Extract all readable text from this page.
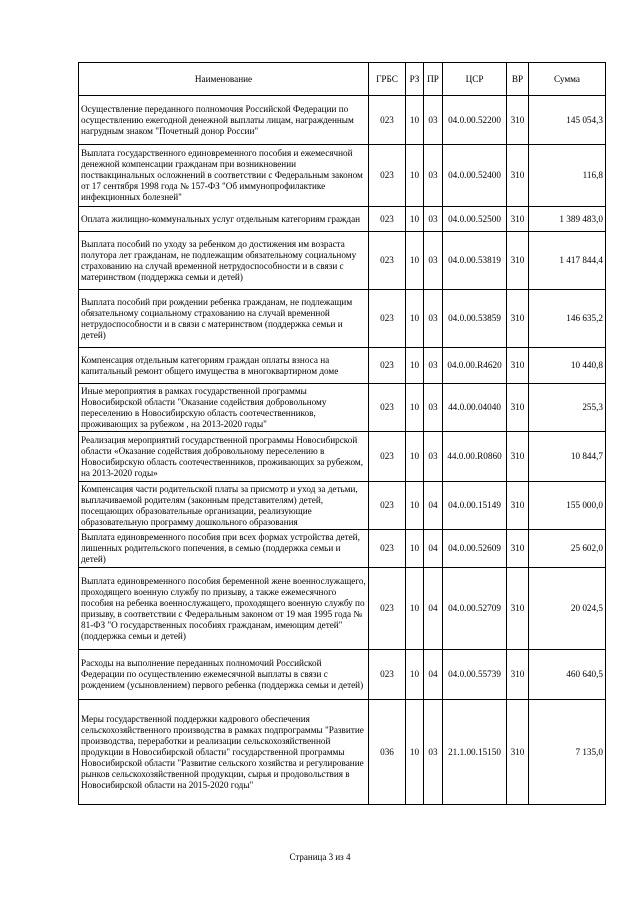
Наименование	ГРБС	РЗ	ПР	ЦСР	ВР	Сумма
Осуществление переданного полномочия Российской Федерации по осуществлению ежегодной денежной выплаты лицам, награжденным нагрудным знаком "Почетный донор России"	023	10	03	04.0.00.52200	310	145 054,3
Выплата государственного единовременного пособия и ежемесячной денежной компенсации гражданам при возникновении поствакцинальных осложнений в соответствии с Федеральным законом от 17 сентября 1998 года № 157-ФЗ "Об иммунопрофилактике инфекционных болезней"	023	10	03	04.0.00.52400	310	116,8
Оплата жилищно-коммунальных услуг отдельным категориям граждан	023	10	03	04.0.00.52500	310	1 389 483,0
Выплата пособий по уходу за ребенком до достижения им возраста полутора лет гражданам, не подлежащим обязательному социальному страхованию на случай временной нетрудоспособности и в связи с материнством (поддержка семьи и детей)	023	10	03	04.0.00.53819	310	1 417 844,4
Выплата пособий при рождении ребенка гражданам, не подлежащим обязательному социальному страхованию на случай временной нетрудоспособности и в связи с материнством (поддержка семьи и детей)	023	10	03	04.0.00.53859	310	146 635,2
Компенсация отдельным категориям граждан оплаты взноса на капитальный ремонт общего имущества в многоквартирном доме	023	10	03	04.0.00.R4620	310	10 440,8
Иные мероприятия в рамках государственной программы Новосибирской области "Оказание содействия добровольному переселению в Новосибирскую область соотечественников, проживающих за рубежом , на 2013-2020 годы"	023	10	03	44.0.00.04040	310	255,3
Реализация мероприятий государственной программы Новосибирской области «Оказание содействия добровольному переселению в Новосибирскую область соотечественников, проживающих за рубежом, на 2013-2020 годы»	023	10	03	44.0.00.R0860	310	10 844,7
Компенсация части родительской платы за присмотр и уход за детьми, выплачиваемой родителям (законным представителям) детей, посещающих образовательные организации, реализующие образовательную программу дошкольного образования	023	10	04	04.0.00.15149	310	155 000,0
Выплата единовременного пособия при всех формах устройства детей, лишенных родительского попечения, в семью (поддержка семьи и детей)	023	10	04	04.0.00.52609	310	25 602,0
Выплата единовременного пособия беременной жене военнослужащего, проходящего военную службу по призыву, а также ежемесячного пособия на ребенка военнослужащего, проходящего военную службу по призыву, в соответствии с Федеральным законом от 19 мая 1995 года № 81-ФЗ "О государственных пособиях гражданам, имеющим детей" (поддержка семьи и детей)	023	10	04	04.0.00.52709	310	20 024,5
Расходы на выполнение переданных полномочий Российской Федерации по осуществлению ежемесячной выплаты в связи с рождением (усыновлением) первого ребенка (поддержка семьи и детей)	023	10	04	04.0.00.55739	310	460 640,5
Меры государственной поддержки кадрового обеспечения сельскохозяйственного производства в рамках подпрограммы "Развитие производства, переработки и реализации сельскохозяйственной продукции в Новосибирской области" государственной программы Новосибирской области "Развитие сельского хозяйства и регулирование рынков сельскохозяйственной продукции, сырья и продовольствия в Новосибирской области на 2015-2020 годы"	036	10	03	21.1.00.15150	310	7 135,0
Страница 3 из 4
